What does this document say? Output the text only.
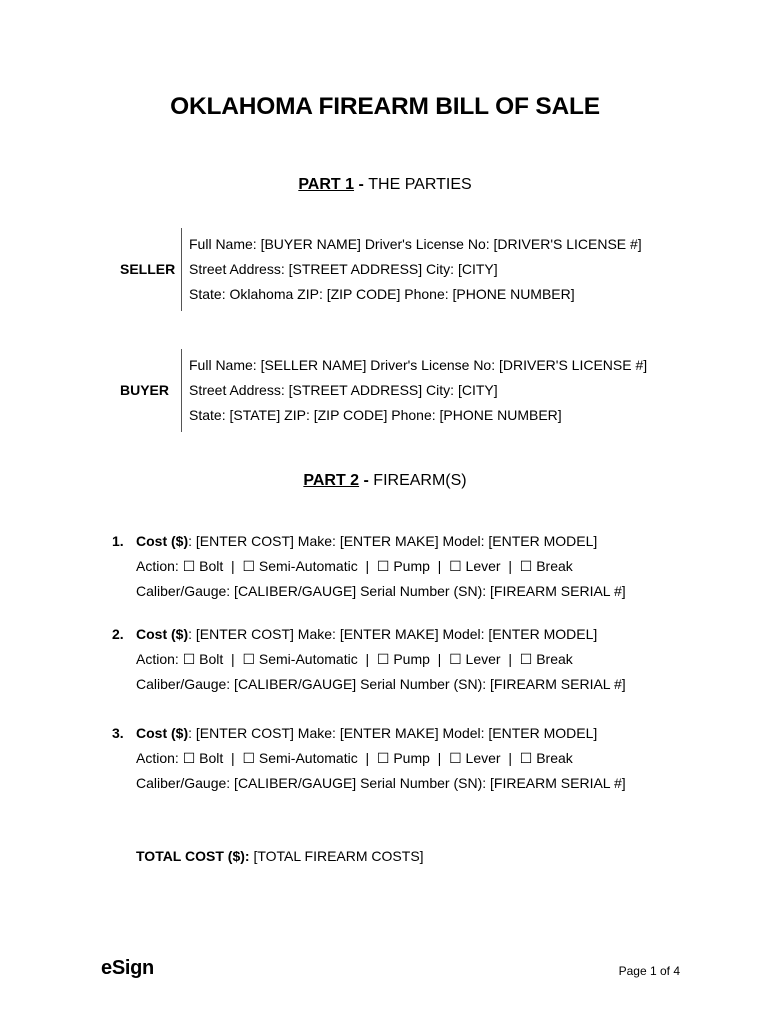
OKLAHOMA FIREARM BILL OF SALE
PART 1 - THE PARTIES
SELLER
Full Name: [BUYER NAME] Driver's License No: [DRIVER'S LICENSE #]
Street Address: [STREET ADDRESS] City: [CITY]
State: Oklahoma ZIP: [ZIP CODE] Phone: [PHONE NUMBER]
BUYER
Full Name: [SELLER NAME] Driver's License No: [DRIVER'S LICENSE #]
Street Address: [STREET ADDRESS] City: [CITY]
State: [STATE] ZIP: [ZIP CODE] Phone: [PHONE NUMBER]
PART 2 - FIREARM(S)
1. Cost ($): [ENTER COST] Make: [ENTER MAKE] Model: [ENTER MODEL]
Action: ☐ Bolt  |  ☐ Semi-Automatic  |  ☐ Pump  |  ☐ Lever  |  ☐ Break
Caliber/Gauge: [CALIBER/GAUGE] Serial Number (SN): [FIREARM SERIAL #]
2. Cost ($): [ENTER COST] Make: [ENTER MAKE] Model: [ENTER MODEL]
Action: ☐ Bolt  |  ☐ Semi-Automatic  |  ☐ Pump  |  ☐ Lever  |  ☐ Break
Caliber/Gauge: [CALIBER/GAUGE] Serial Number (SN): [FIREARM SERIAL #]
3. Cost ($): [ENTER COST] Make: [ENTER MAKE] Model: [ENTER MODEL]
Action: ☐ Bolt  |  ☐ Semi-Automatic  |  ☐ Pump  |  ☐ Lever  |  ☐ Break
Caliber/Gauge: [CALIBER/GAUGE] Serial Number (SN): [FIREARM SERIAL #]
TOTAL COST ($): [TOTAL FIREARM COSTS]
eSign	Page 1 of 4
